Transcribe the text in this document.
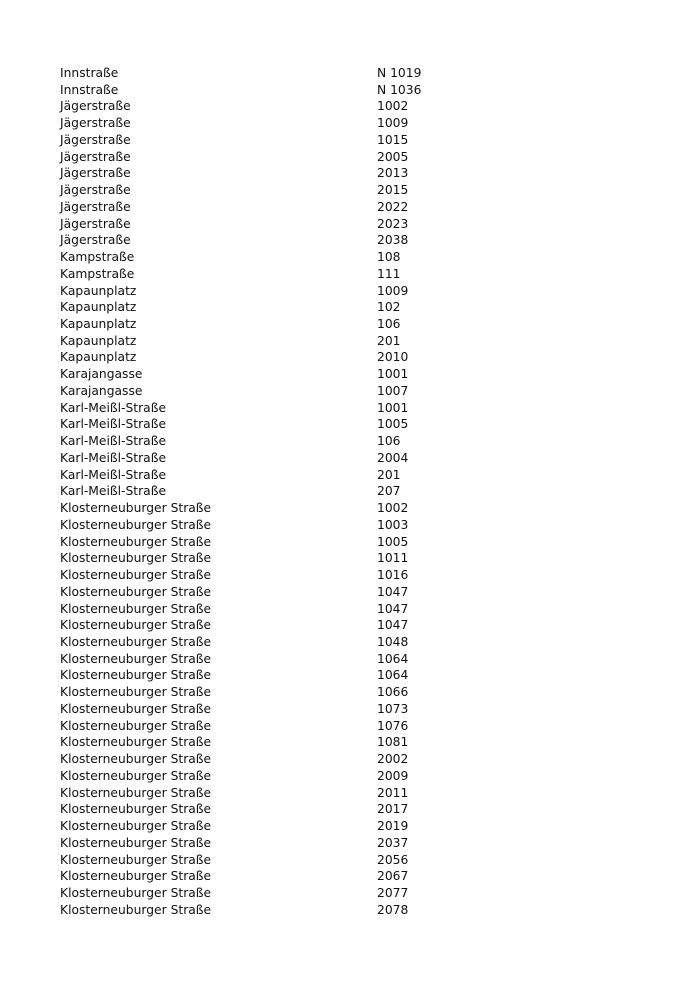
Innstraße	N 1019
Innstraße	N 1036
Jägerstraße	1002
Jägerstraße	1009
Jägerstraße	1015
Jägerstraße	2005
Jägerstraße	2013
Jägerstraße	2015
Jägerstraße	2022
Jägerstraße	2023
Jägerstraße	2038
Kampstraße	108
Kampstraße	111
Kapaunplatz	1009
Kapaunplatz	102
Kapaunplatz	106
Kapaunplatz	201
Kapaunplatz	2010
Karajangasse	1001
Karajangasse	1007
Karl-Meißl-Straße	1001
Karl-Meißl-Straße	1005
Karl-Meißl-Straße	106
Karl-Meißl-Straße	2004
Karl-Meißl-Straße	201
Karl-Meißl-Straße	207
Klosterneuburger Straße	1002
Klosterneuburger Straße	1003
Klosterneuburger Straße	1005
Klosterneuburger Straße	1011
Klosterneuburger Straße	1016
Klosterneuburger Straße	1047
Klosterneuburger Straße	1047
Klosterneuburger Straße	1047
Klosterneuburger Straße	1048
Klosterneuburger Straße	1064
Klosterneuburger Straße	1064
Klosterneuburger Straße	1066
Klosterneuburger Straße	1073
Klosterneuburger Straße	1076
Klosterneuburger Straße	1081
Klosterneuburger Straße	2002
Klosterneuburger Straße	2009
Klosterneuburger Straße	2011
Klosterneuburger Straße	2017
Klosterneuburger Straße	2019
Klosterneuburger Straße	2037
Klosterneuburger Straße	2056
Klosterneuburger Straße	2067
Klosterneuburger Straße	2077
Klosterneuburger Straße	2078
